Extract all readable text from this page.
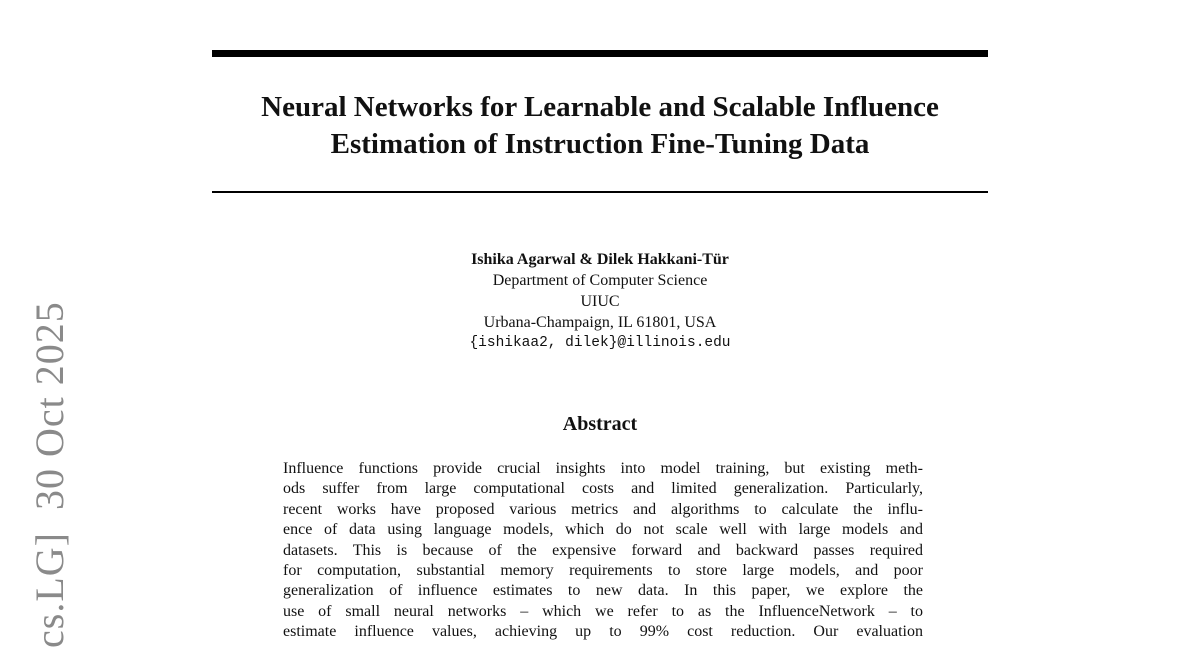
cs.LG]30 Oct 2025
Neural Networks for Learnable and Scalable Influence
Estimation of Instruction Fine-Tuning Data
Ishika Agarwal & Dilek Hakkani-Tür
Department of Computer Science
UIUC
Urbana-Champaign, IL 61801, USA
{ishikaa2, dilek}@illinois.edu
Abstract
Influence functions provide crucial insights into model training, but existing meth-
ods suffer from large computational costs and limited generalization. Particularly,
recent works have proposed various metrics and algorithms to calculate the influ-
ence of data using language models, which do not scale well with large models and
datasets. This is because of the expensive forward and backward passes required
for computation, substantial memory requirements to store large models, and poor
generalization of influence estimates to new data. In this paper, we explore the
use of small neural networks – which we refer to as the InfluenceNetwork – to
estimate influence values, achieving up to 99% cost reduction. Our evaluation
